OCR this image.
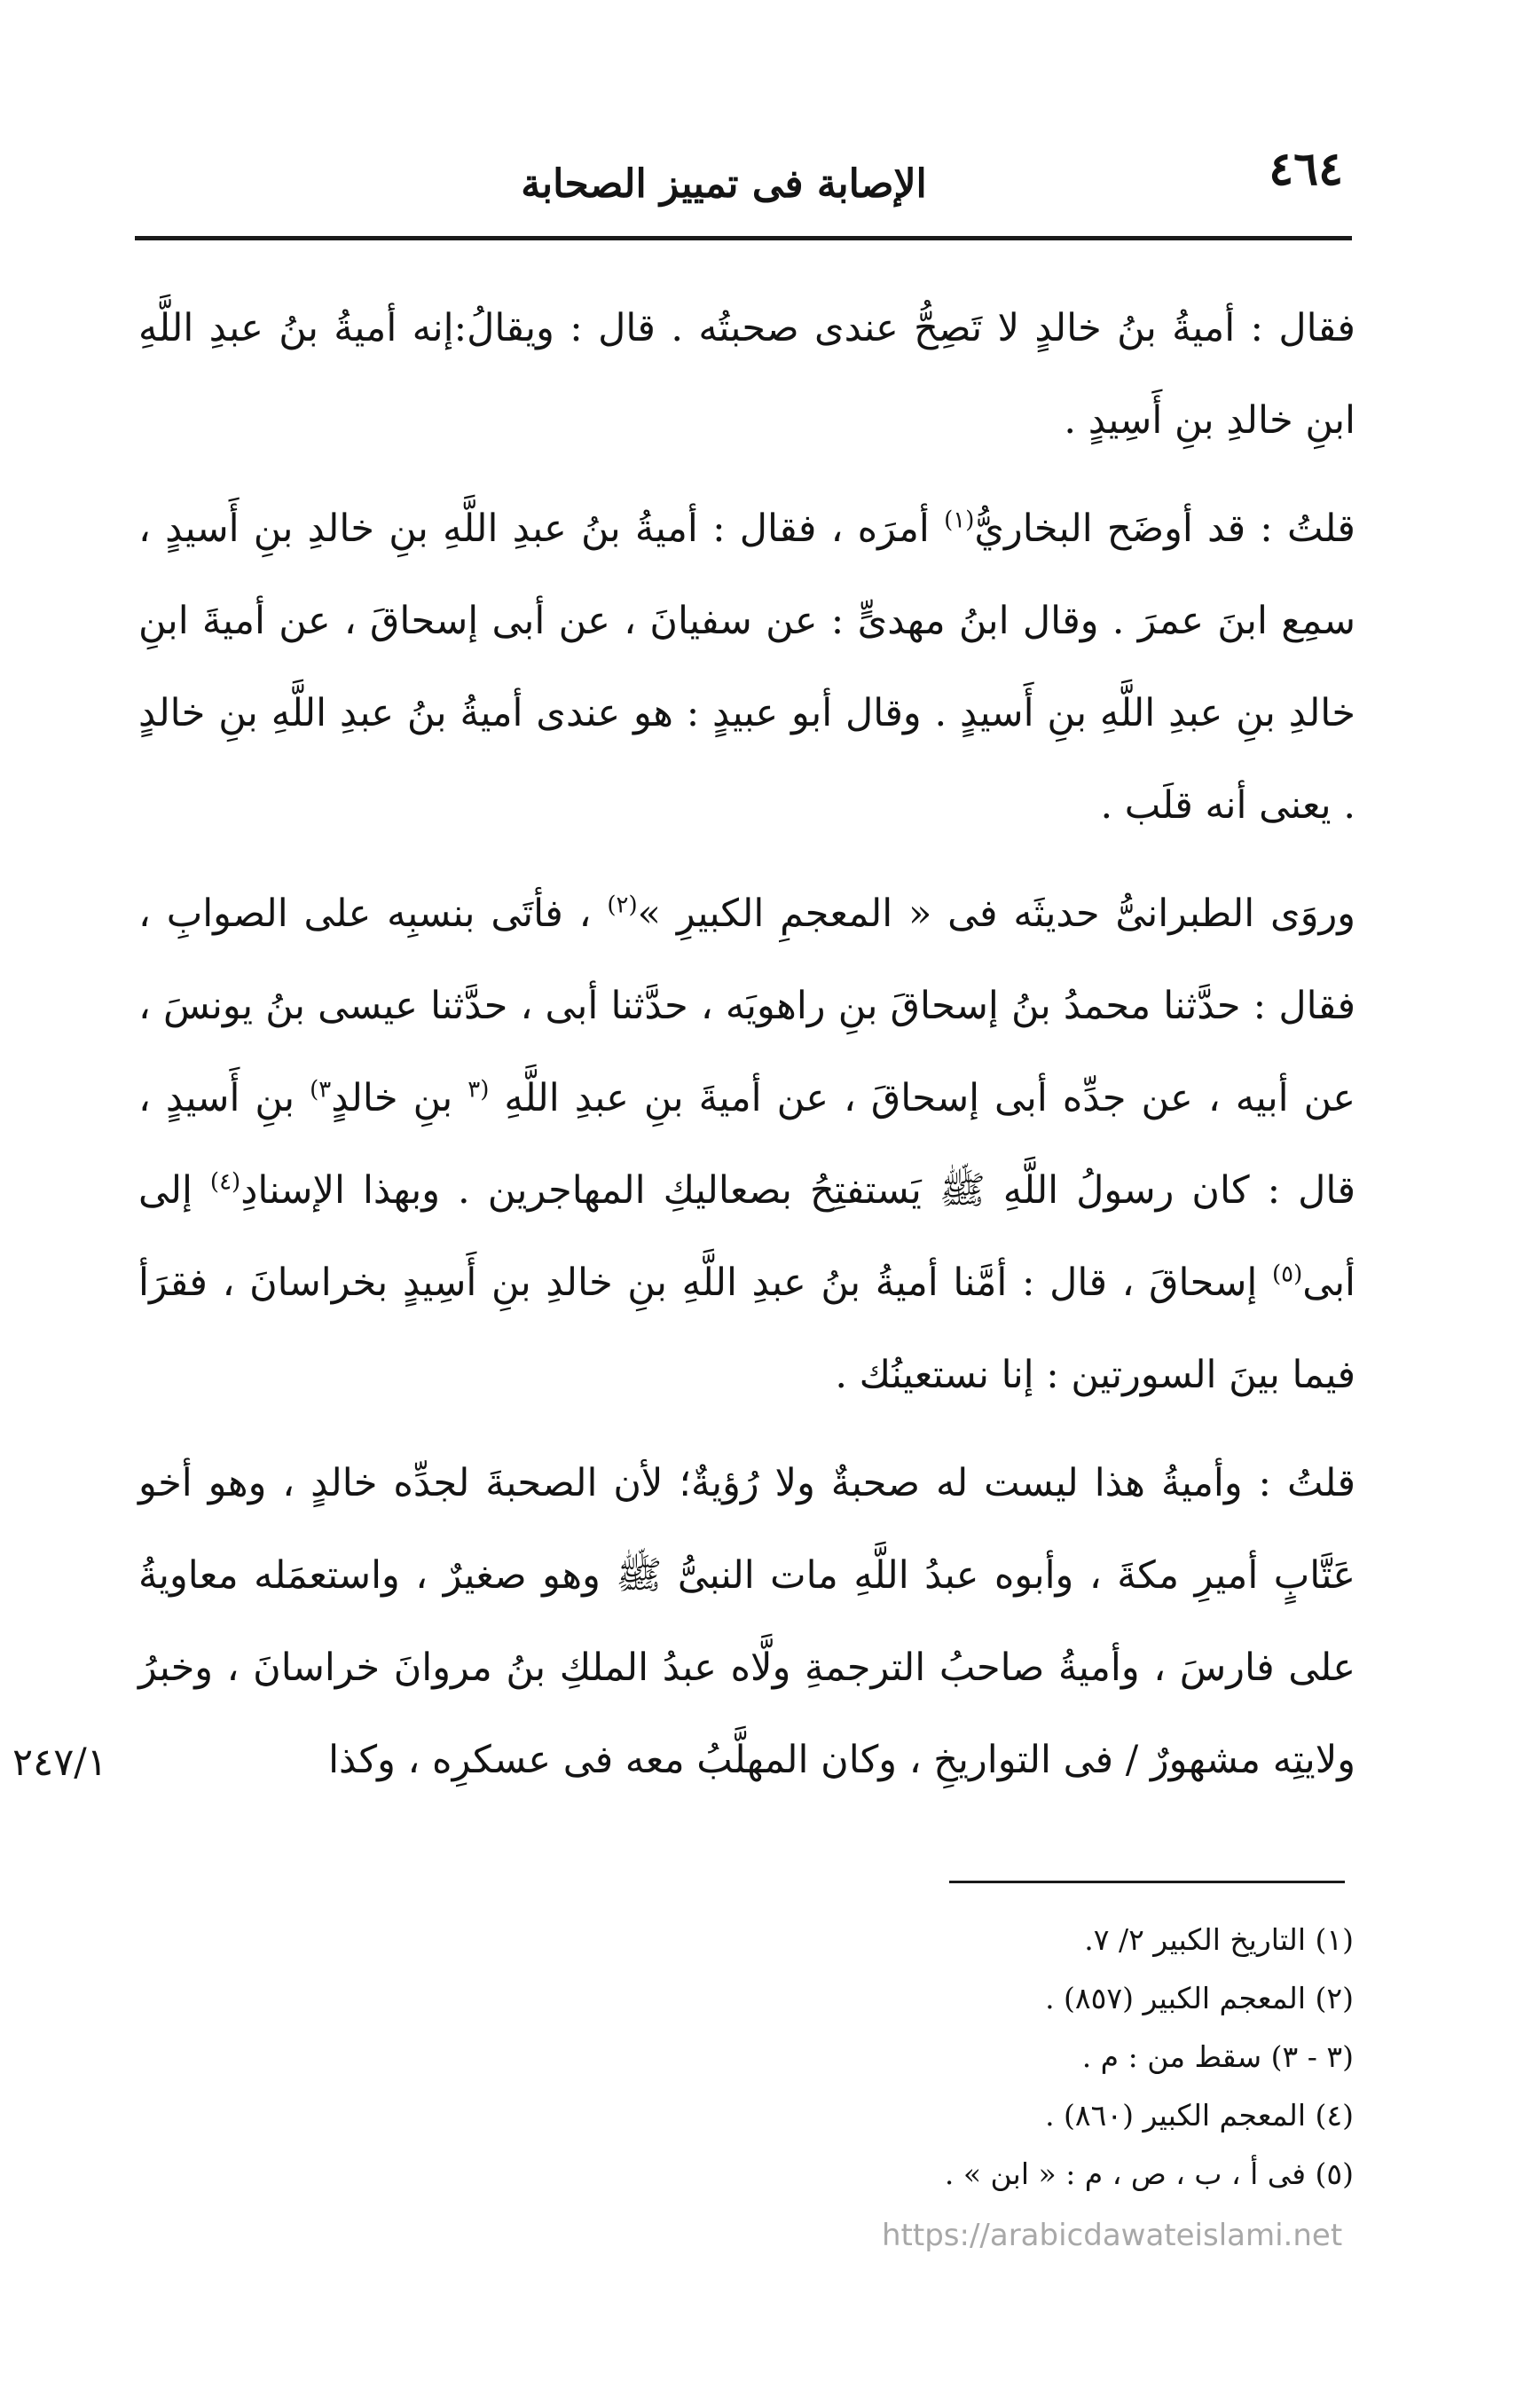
٤٦٤
الإصابة فى تمييز الصحابة

فقال : أميةُ بنُ خالدٍ لا تَصِحُّ عندى صحبتُه . قال : ويقالُ:إنه أميةُ بنُ عبدِ اللَّهِ ابنِ خالدِ بنِ أَسِيدٍ .

قلتُ : قد أوضَح البخاريُّ$^{(١)}$ أمرَه ، فقال : أميةُ بنُ عبدِ اللَّهِ بنِ خالدِ بنِ أَسيدٍ ، سمِع ابنَ عمرَ . وقال ابنُ مهدىٍّ : عن سفيانَ ، عن أبى إسحاقَ ، عن أميةَ ابنِ خالدِ بنِ عبدِ اللَّهِ بنِ أَسيدٍ . وقال أبو عبيدٍ : هو عندى أميةُ بنُ عبدِ اللَّهِ بنِ خالدٍ . يعنى أنه قلَب .

وروَى الطبرانىُّ حديثَه فى « المعجمِ الكبيرِ »$^{(٢)}$ ، فأتَى بنسبِه على الصوابِ ، فقال : حدَّثنا محمدُ بنُ إسحاقَ بنِ راهويَه ، حدَّثنا أبى ، حدَّثنا عيسى بنُ يونسَ ، عن أبيه ، عن جدِّه أبى إسحاقَ ، عن أميةَ بنِ عبدِ اللَّهِ $^{(٣}$ بنِ خالدٍ$^{٣)}$ بنِ أَسيدٍ ، قال : كان رسولُ اللَّهِ ﷺ يَستفتِحُ بصعاليكِ المهاجرين . وبهذا الإسنادِ$^{(٤)}$ إلى أبى$^{(٥)}$ إسحاقَ ، قال : أمَّنا أميةُ بنُ عبدِ اللَّهِ بنِ خالدِ بنِ أَسِيدٍ بخراسانَ ، فقرَأ فيما بينَ السورتين : إنا نستعينُك .

قلتُ : وأميةُ هذا ليست له صحبةٌ ولا رُؤيةٌ؛ لأن الصحبةَ لجدِّه خالدٍ ، وهو أخو عَتَّابٍ أميرِ مكةَ ، وأبوه عبدُ اللَّهِ مات النبىُّ ﷺ وهو صغيرٌ ، واستعمَله معاويةُ على فارسَ ، وأميةُ صاحبُ الترجمةِ ولَّاه عبدُ الملكِ بنُ مروانَ خراسانَ ، وخبرُ ولايتِه مشهورٌ / فى التواريخِ ، وكان المهلَّبُ معه فى عسكرِه ، وكذا

٢٤٧/١

(١) التاريخ الكبير ٢/ ٧.

(٢) المعجم الكبير (٨٥٧) .

(٣ - ٣) سقط من : م .

(٤) المعجم الكبير (٨٦٠) .

(٥) فى أ ، ب ، ص ، م : « ابن » .

https://arabicdawateislami.net
